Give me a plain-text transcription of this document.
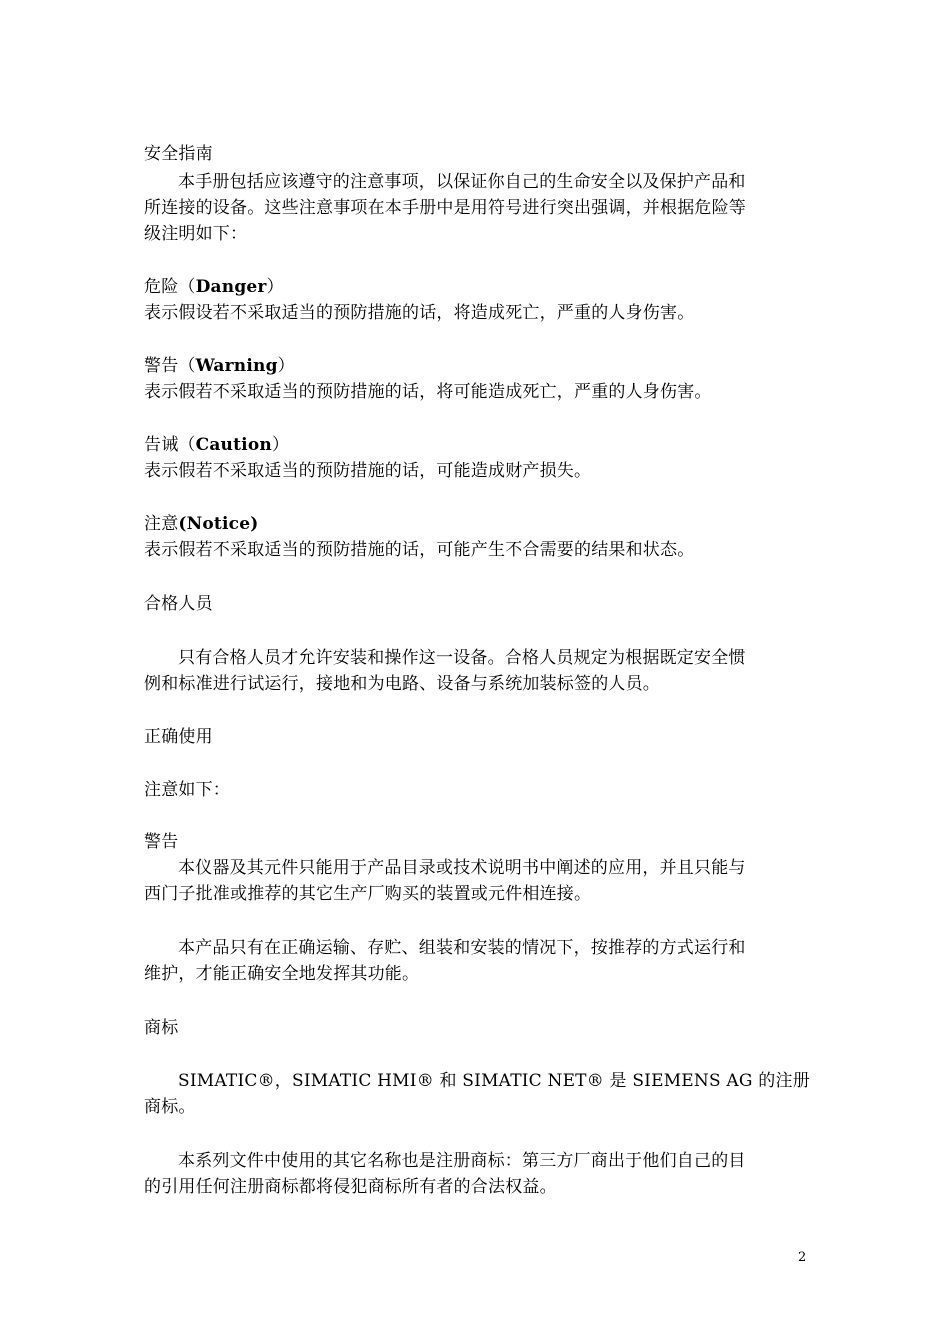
安全指南
本手册包括应该遵守的注意事项，以保证你自己的生命安全以及保护产品和
所连接的设备。这些注意事项在本手册中是用符号进行突出强调，并根据危险等
级注明如下：
危险（Danger）
表示假设若不采取适当的预防措施的话，将造成死亡，严重的人身伤害。
警告（Warning）
表示假若不采取适当的预防措施的话，将可能造成死亡，严重的人身伤害。
告诫（Caution）
表示假若不采取适当的预防措施的话，可能造成财产损失。
注意(Notice)
表示假若不采取适当的预防措施的话，可能产生不合需要的结果和状态。
合格人员
只有合格人员才允许安装和操作这一设备。合格人员规定为根据既定安全惯
例和标准进行试运行，接地和为电路、设备与系统加装标签的人员。
正确使用
注意如下：
警告
本仪器及其元件只能用于产品目录或技术说明书中阐述的应用，并且只能与
西门子批准或推荐的其它生产厂购买的装置或元件相连接。
本产品只有在正确运输、存贮、组装和安装的情况下，按推荐的方式运行和
维护，才能正确安全地发挥其功能。
商标
SIMATIC®，SIMATIC HMI® 和 SIMATIC NET® 是 SIEMENS AG 的注册
商标。
本系列文件中使用的其它名称也是注册商标：第三方厂商出于他们自己的目
的引用任何注册商标都将侵犯商标所有者的合法权益。
2
